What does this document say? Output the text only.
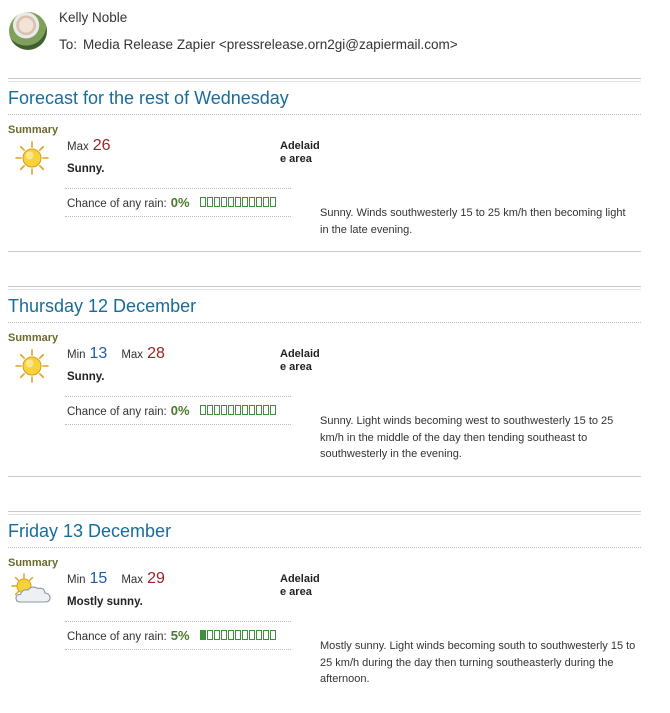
Kelly Noble
To: Media Release Zapier <pressrelease.orn2gi@zapiermail.com>
Forecast for the rest of Wednesday
Summary
Max 26
Sunny.
Adelaide area
Chance of any rain: 0%
Sunny. Winds southwesterly 15 to 25 km/h then becoming light in the late evening.
Thursday 12 December
Summary
Min 13 Max 28
Sunny.
Adelaide area
Chance of any rain: 0%
Sunny. Light winds becoming west to southwesterly 15 to 25 km/h in the middle of the day then tending southeast to southwesterly in the evening.
Friday 13 December
Summary
Min 15 Max 29
Mostly sunny.
Adelaide area
Chance of any rain: 5%
Mostly sunny. Light winds becoming south to southwesterly 15 to 25 km/h during the day then turning southeasterly during the afternoon.
